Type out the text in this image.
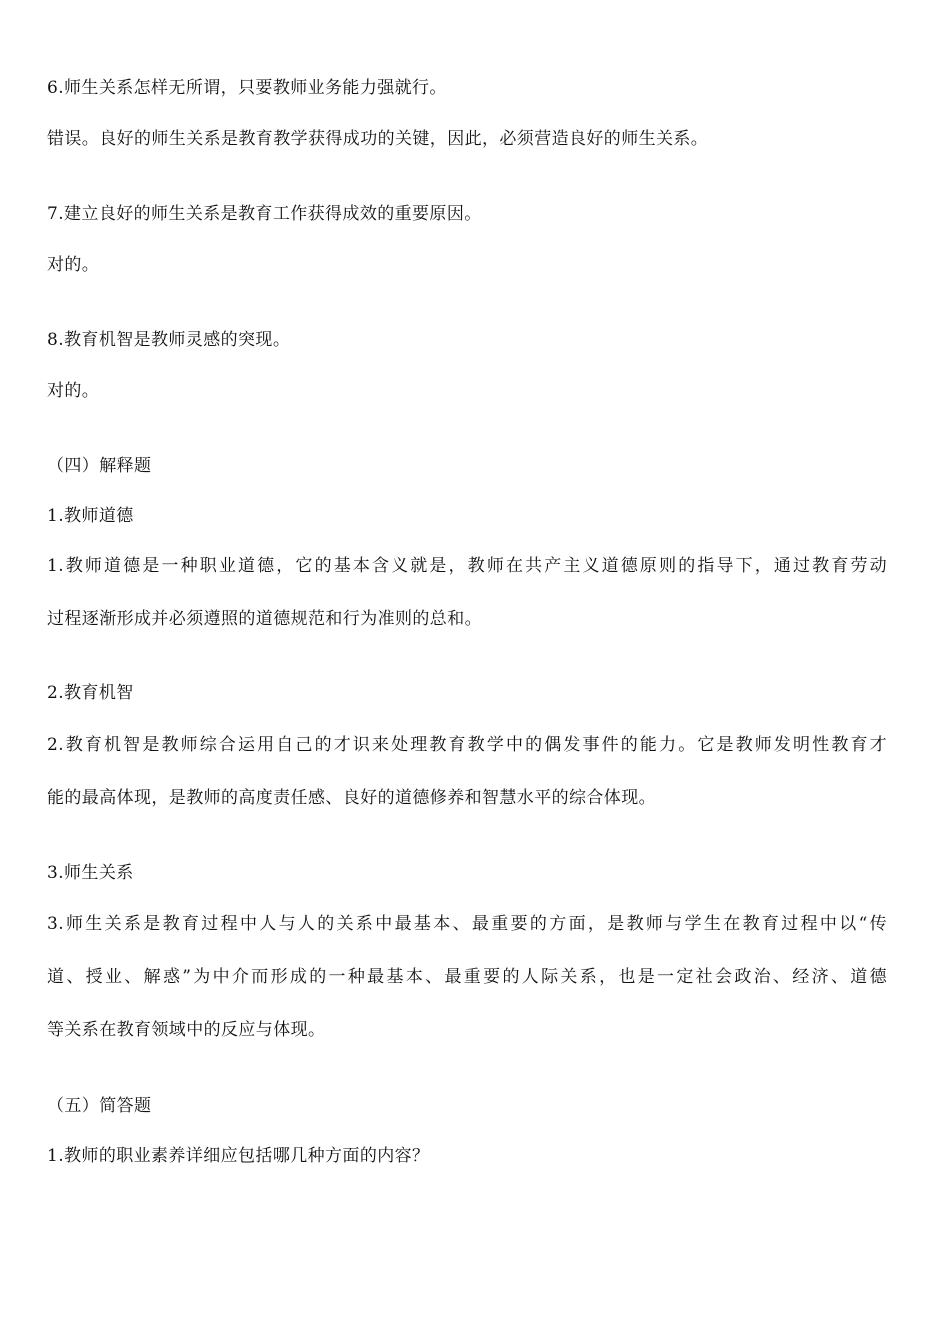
6.师生关系怎样无所谓，只要教师业务能力强就行。
错误。良好的师生关系是教育教学获得成功的关键，因此，必须营造良好的师生关系。
7.建立良好的师生关系是教育工作获得成效的重要原因。
对的。
8.教育机智是教师灵感的突现。
对的。
（四）解释题
1.教师道德
1.教师道德是一种职业道德，它的基本含义就是，教师在共产主义道德原则的指导下，通过教育劳动
过程逐渐形成并必须遵照的道德规范和行为准则的总和。
2.教育机智
2.教育机智是教师综合运用自己的才识来处理教育教学中的偶发事件的能力。它是教师发明性教育才
能的最高体现，是教师的高度责任感、良好的道德修养和智慧水平的综合体现。
3.师生关系
3.师生关系是教育过程中人与人的关系中最基本、最重要的方面，是教师与学生在教育过程中以“传
道、授业、解惑”为中介而形成的一种最基本、最重要的人际关系，也是一定社会政治、经济、道德
等关系在教育领域中的反应与体现。
（五）简答题
1.教师的职业素养详细应包括哪几种方面的内容？
